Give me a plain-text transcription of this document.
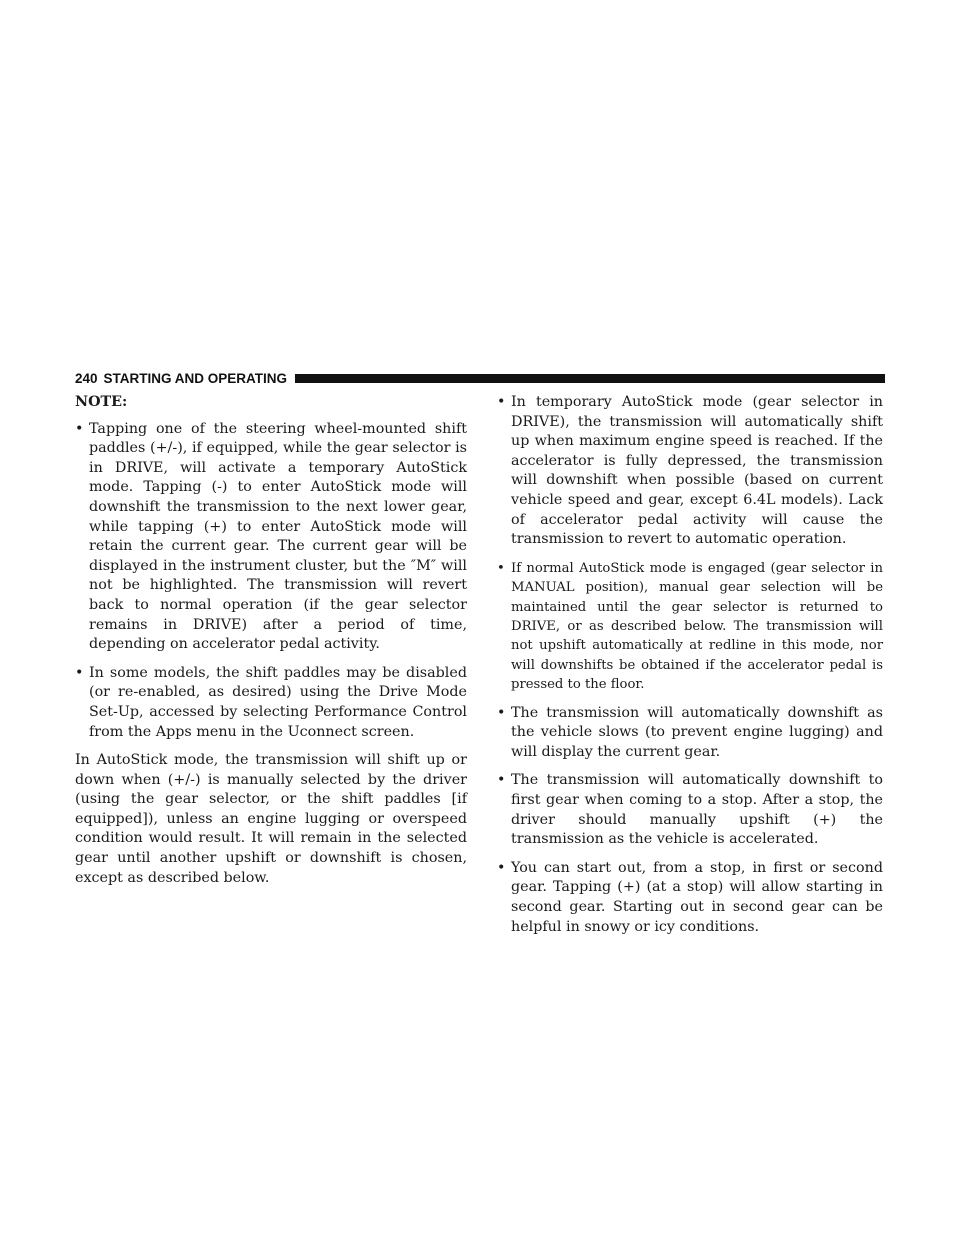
240 STARTING AND OPERATING

NOTE:

• Tapping one of the steering wheel-mounted shift paddles (+/-), if equipped, while the gear selector is in DRIVE, will activate a temporary AutoStick mode. Tapping (-) to enter AutoStick mode will downshift the transmission to the next lower gear, while tapping (+) to enter AutoStick mode will retain the current gear. The current gear will be displayed in the instrument cluster, but the ″M″ will not be highlighted. The transmission will revert back to normal operation (if the gear selector remains in DRIVE) after a period of time, depending on accelerator pedal activity.
• In some models, the shift paddles may be disabled (or re-enabled, as desired) using the Drive Mode Set-Up, accessed by selecting Performance Control from the Apps menu in the Uconnect screen.

In AutoStick mode, the transmission will shift up or down when (+/-) is manually selected by the driver (using the gear selector, or the shift paddles [if equipped]), unless an engine lugging or overspeed condition would result. It will remain in the selected gear until another upshift or downshift is chosen, except as described below.

• In temporary AutoStick mode (gear selector in DRIVE), the transmission will automatically shift up when maximum engine speed is reached. If the accelerator is fully depressed, the transmission will downshift when possible (based on current vehicle speed and gear, except 6.4L models). Lack of accelerator pedal activity will cause the transmission to revert to automatic operation.
• If normal AutoStick mode is engaged (gear selector in MANUAL position), manual gear selection will be maintained until the gear selector is returned to DRIVE, or as described below. The transmission will not upshift automatically at redline in this mode, nor will downshifts be obtained if the accelerator pedal is pressed to the floor.
• The transmission will automatically downshift as the vehicle slows (to prevent engine lugging) and will display the current gear.
• The transmission will automatically downshift to first gear when coming to a stop. After a stop, the driver should manually upshift (+) the transmission as the vehicle is accelerated.
• You can start out, from a stop, in first or second gear. Tapping (+) (at a stop) will allow starting in second gear. Starting out in second gear can be helpful in snowy or icy conditions.
